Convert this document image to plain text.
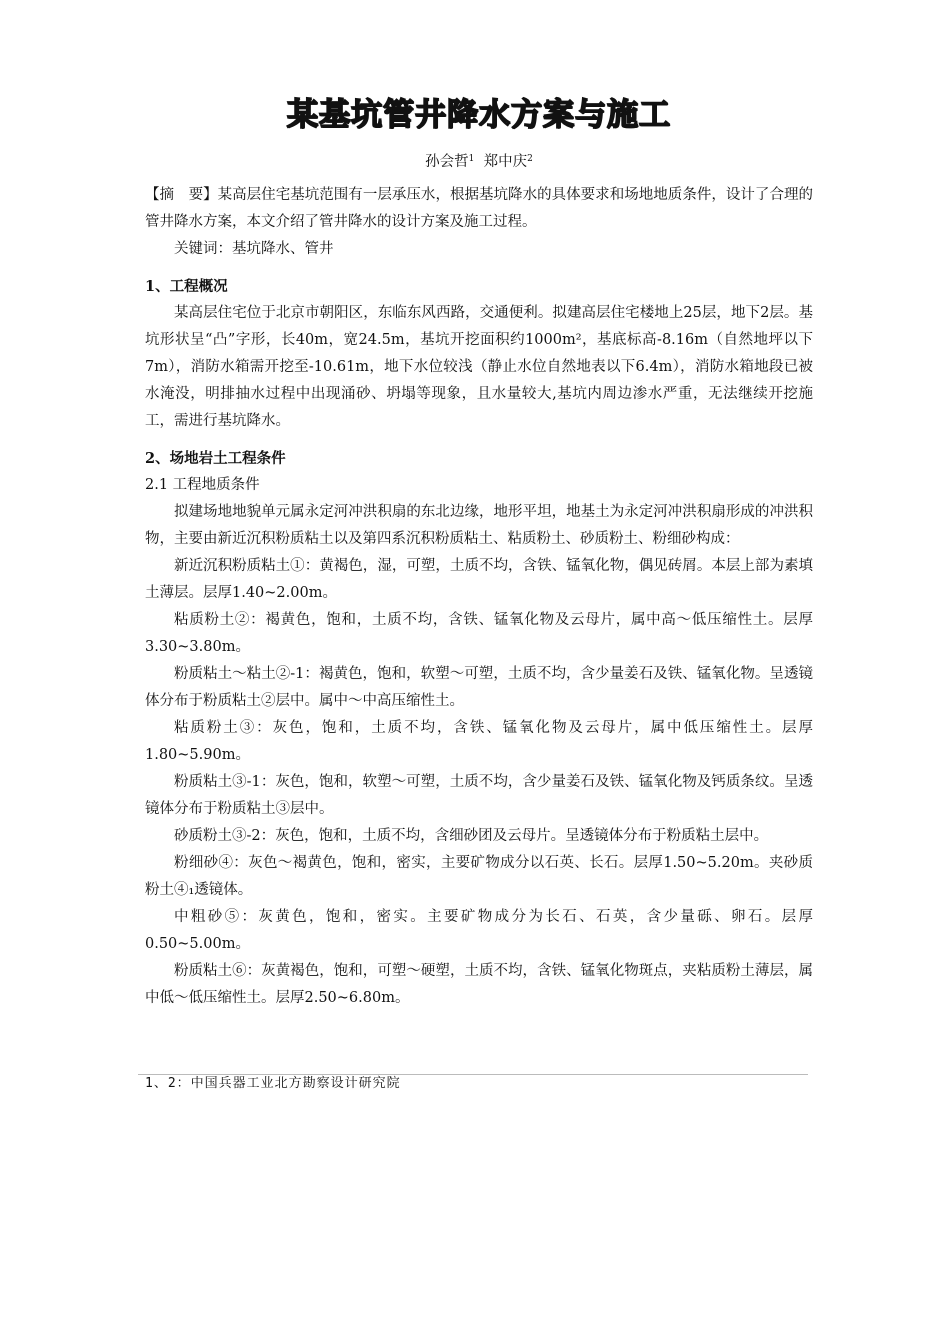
某基坑管井降水方案与施工
孙会哲$^1$ 郑中庆$^2$

【摘　要】某高层住宅基坑范围有一层承压水，根据基坑降水的具体要求和场地地质条件，设计了合理的管井降水方案，本文介绍了管井降水的设计方案及施工过程。

关键词：基坑降水、管井

1、工程概况

某高层住宅位于北京市朝阳区，东临东风西路，交通便利。拟建高层住宅楼地上25层，地下2层。基坑形状呈“凸”字形，长40m，宽24.5m，基坑开挖面积约1000m²，基底标高-8.16m（自然地坪以下7m），消防水箱需开挖至-10.61m，地下水位较浅（静止水位自然地表以下6.4m），消防水箱地段已被水淹没，明排抽水过程中出现涌砂、坍塌等现象，且水量较大,基坑内周边渗水严重，无法继续开挖施工，需进行基坑降水。

2、场地岩土工程条件

2.1 工程地质条件

拟建场地地貌单元属永定河冲洪积扇的东北边缘，地形平坦，地基土为永定河冲洪积扇形成的冲洪积物，主要由新近沉积粉质粘土以及第四系沉积粉质粘土、粘质粉土、砂质粉土、粉细砂构成：

新近沉积粉质粘土①：黄褐色，湿，可塑，土质不均，含铁、锰氧化物，偶见砖屑。本层上部为素填土薄层。层厚1.40~2.00m。

粘质粉土②：褐黄色，饱和，土质不均，含铁、锰氧化物及云母片，属中高～低压缩性土。层厚3.30~3.80m。

粉质粘土～粘土②-1：褐黄色，饱和，软塑～可塑，土质不均，含少量姜石及铁、锰氧化物。呈透镜体分布于粉质粘土②层中。属中～中高压缩性土。

粘质粉土③：灰色，饱和，土质不均，含铁、锰氧化物及云母片，属中低压缩性土。层厚1.80~5.90m。

粉质粘土③-1：灰色，饱和，软塑～可塑，土质不均，含少量姜石及铁、锰氧化物及钙质条纹。呈透镜体分布于粉质粘土③层中。

砂质粉土③-2：灰色，饱和，土质不均，含细砂团及云母片。呈透镜体分布于粉质粘土层中。

粉细砂④：灰色～褐黄色，饱和，密实，主要矿物成分以石英、长石。层厚1.50~5.20m。夹砂质粉土④₁透镜体。

中粗砂⑤：灰黄色，饱和，密实。主要矿物成分为长石、石英，含少量砾、卵石。层厚0.50~5.00m。

粉质粘土⑥：灰黄褐色，饱和，可塑～硬塑，土质不均，含铁、锰氧化物斑点，夹粘质粉土薄层，属中低～低压缩性土。层厚2.50~6.80m。

1、2：中国兵器工业北方勘察设计研究院
